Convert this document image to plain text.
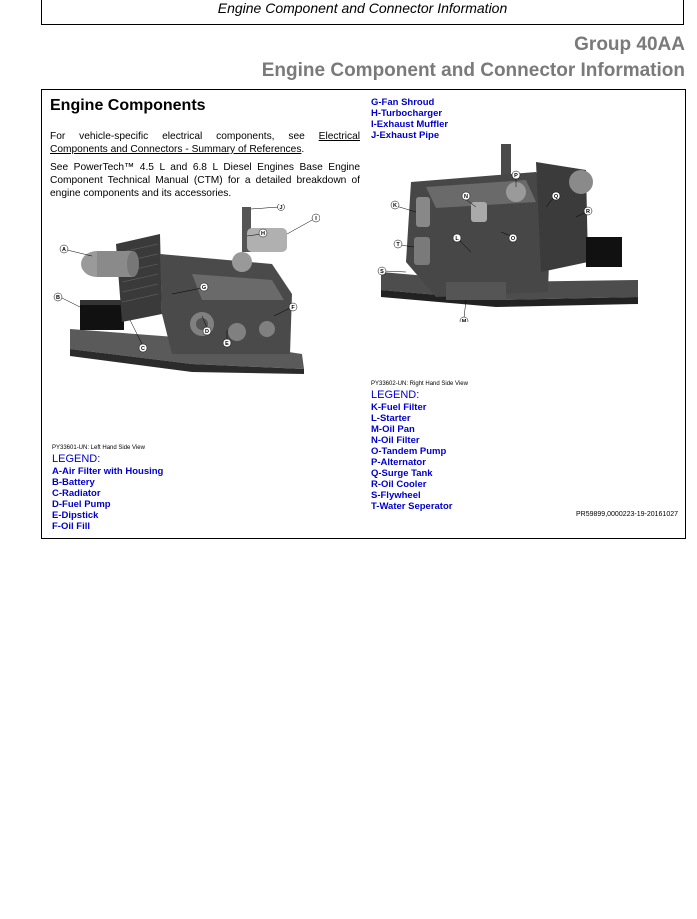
Engine Component and Connector Information
Group 40AA
Engine Component and Connector Information
Engine Components

For vehicle-specific electrical components, see Electrical Components and Connectors - Summary of References.

See PowerTech™ 4.5 L and 6.8 L Diesel Engines Base Engine Component Technical Manual (CTM) for a detailed breakdown of engine components and its accessories.

A
B
C
D
E
F
G
H
I
J
PY33601-UN: Left Hand Side View
LEGEND:
A-Air Filter with Housing
B-Battery
C-Radiator
D-Fuel Pump
E-Dipstick
F-Oil Fill
G-Fan Shroud
H-Turbocharger
I-Exhaust Muffler
J-Exhaust Pipe
K
L
M
N
O
P
Q
R
S
T
PY33602-UN: Right Hand Side View
LEGEND:
K-Fuel Filter
L-Starter
M-Oil Pan
N-Oil Filter
O-Tandem Pump
P-Alternator
Q-Surge Tank
R-Oil Cooler
S-Flywheel
T-Water Seperator
PR59899,0000223-19-20161027
